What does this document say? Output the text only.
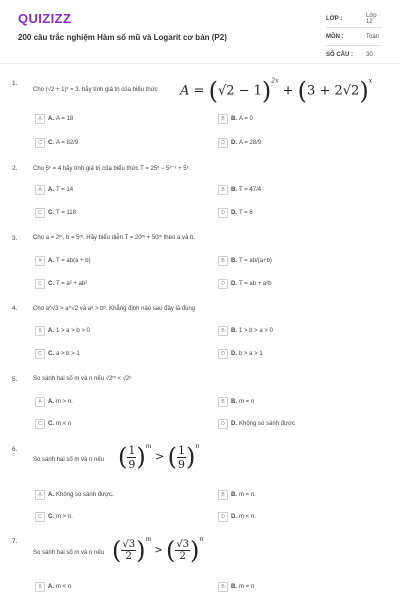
QUIZIZZ
200 câu trắc nghiệm Hàm số mũ và Logarit cơ bản (P2)
LỚP :	Lớp 12
MÔN :	Toán
SỐ CÂU : 30
1.
Cho (√2 + 1)ˣ = 3. hãy tính giá trị của biểu thức $A = (√2 - 1)^{2x} + (3 + 2√2)^x$
A	A. A = 18	B	B. A = 0
C	C. A = 82/9	D	D. A = 28/9
2.	Cho 5ˣ = 4 hãy tính giá trị của biểu thức T = 25ˣ − 5²⁻ˣ + 5ˣ
A	A. T = 14	B	B. T = 47/4
C	C. T = 118	D	D. T = 6
3.	Cho a = 2ᵐ, b = 5ᵐ. Hãy biểu diễn T = 20ᵐ + 50ᵐ theo a và b.
A	A. T = ab(a + b)	B	B. T = ab/(a+b)
C	C. T = a² + ab²	D	D. T = ab + a²b
4.	Cho a^√3 > a^√2 và aᵃ > bᵇ. Khẳng định nào sau đây là đúng
A	A. 1 > a > b > 0	B	B. 1 > b > a > 0
C	C. a > b > 1	D	D. b > a > 1
5.	So sánh hai số m và n nếu √2ᵐ < √2ⁿ
A	A. m > n.	B	B. m = n
C	C. m < n	D	D. Không so sánh được
6.
So sánh hai số m và n nếu ( $\frac{1}{9} )^m$ > ( $\frac{1}{9} )^n$
A	A. Không so sánh được.	B	B. m = n.
C	C. m > n.	D	D. m < n.
7.
So sánh hai số m và n nếu ( $\frac{√3}{2} )^m$ > ( $\frac{√3}{2} )^n$
A	A. m < n	B	B. m = n
